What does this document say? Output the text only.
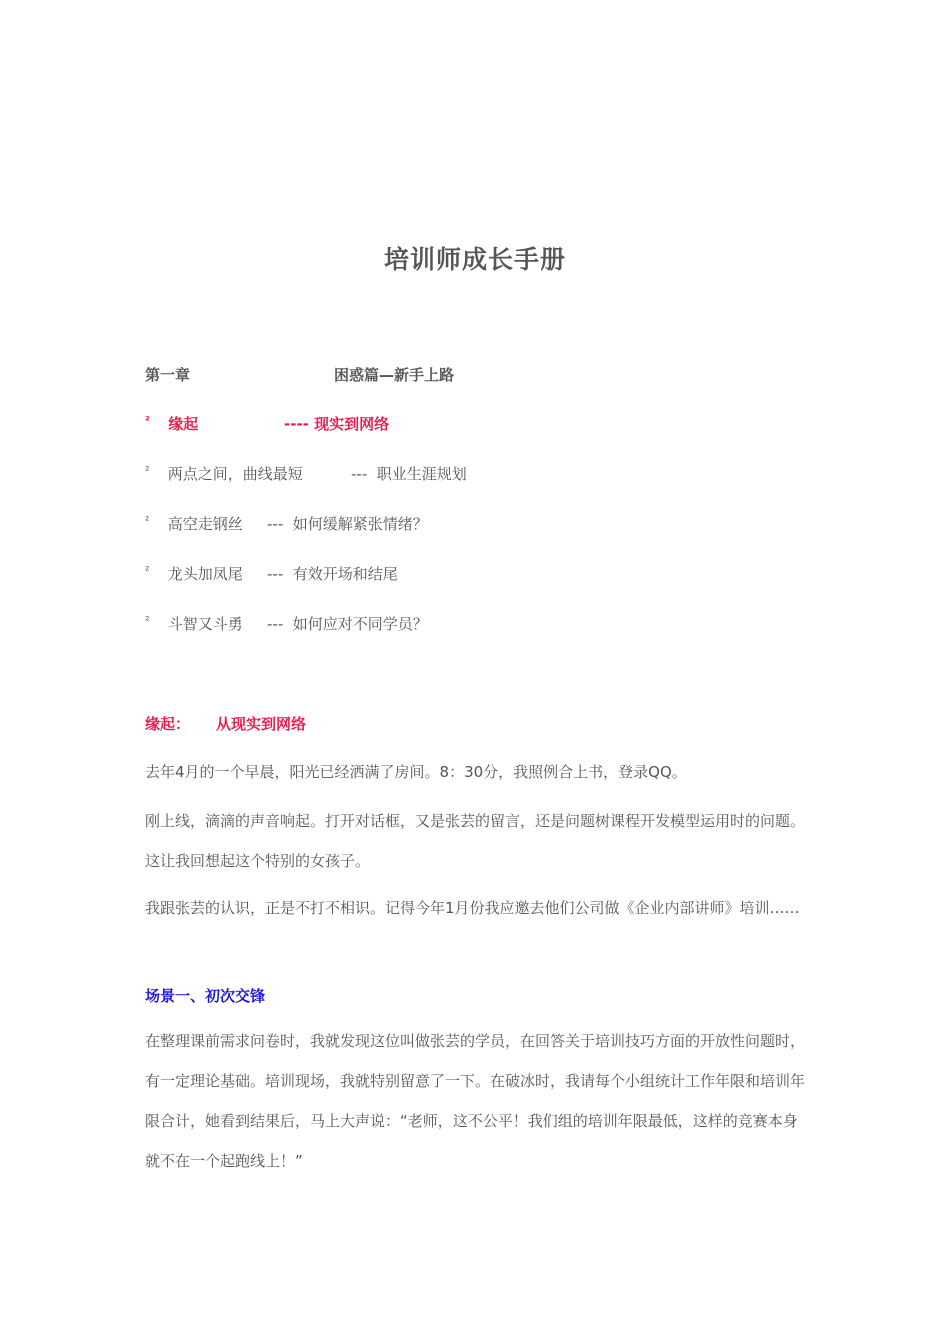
培训师成长手册
第一章	困惑篇—新手上路
² 缘起	---- 现实到网络
² 两点之间，曲线最短	--- 职业生涯规划
² 高空走钢丝 --- 如何缓解紧张情绪？
² 龙头加凤尾 --- 有效开场和结尾
² 斗智又斗勇 --- 如何应对不同学员？
缘起： 从现实到网络
去年4月的一个早晨，阳光已经洒满了房间。8：30分，我照例合上书，登录QQ。
刚上线，滴滴的声音响起。打开对话框，又是张芸的留言，还是问题树课程开发模型运用时的问题。这让我回想起这个特别的女孩子。
我跟张芸的认识，正是不打不相识。记得今年1月份我应邀去他们公司做《企业内部讲师》培训……
场景一、初次交锋
在整理课前需求问卷时，我就发现这位叫做张芸的学员，在回答关于培训技巧方面的开放性问题时，有一定理论基础。培训现场，我就特别留意了一下。在破冰时，我请每个小组统计工作年限和培训年限合计，她看到结果后，马上大声说：“老师，这不公平！我们组的培训年限最低，这样的竞赛本身就不在一个起跑线上！”
